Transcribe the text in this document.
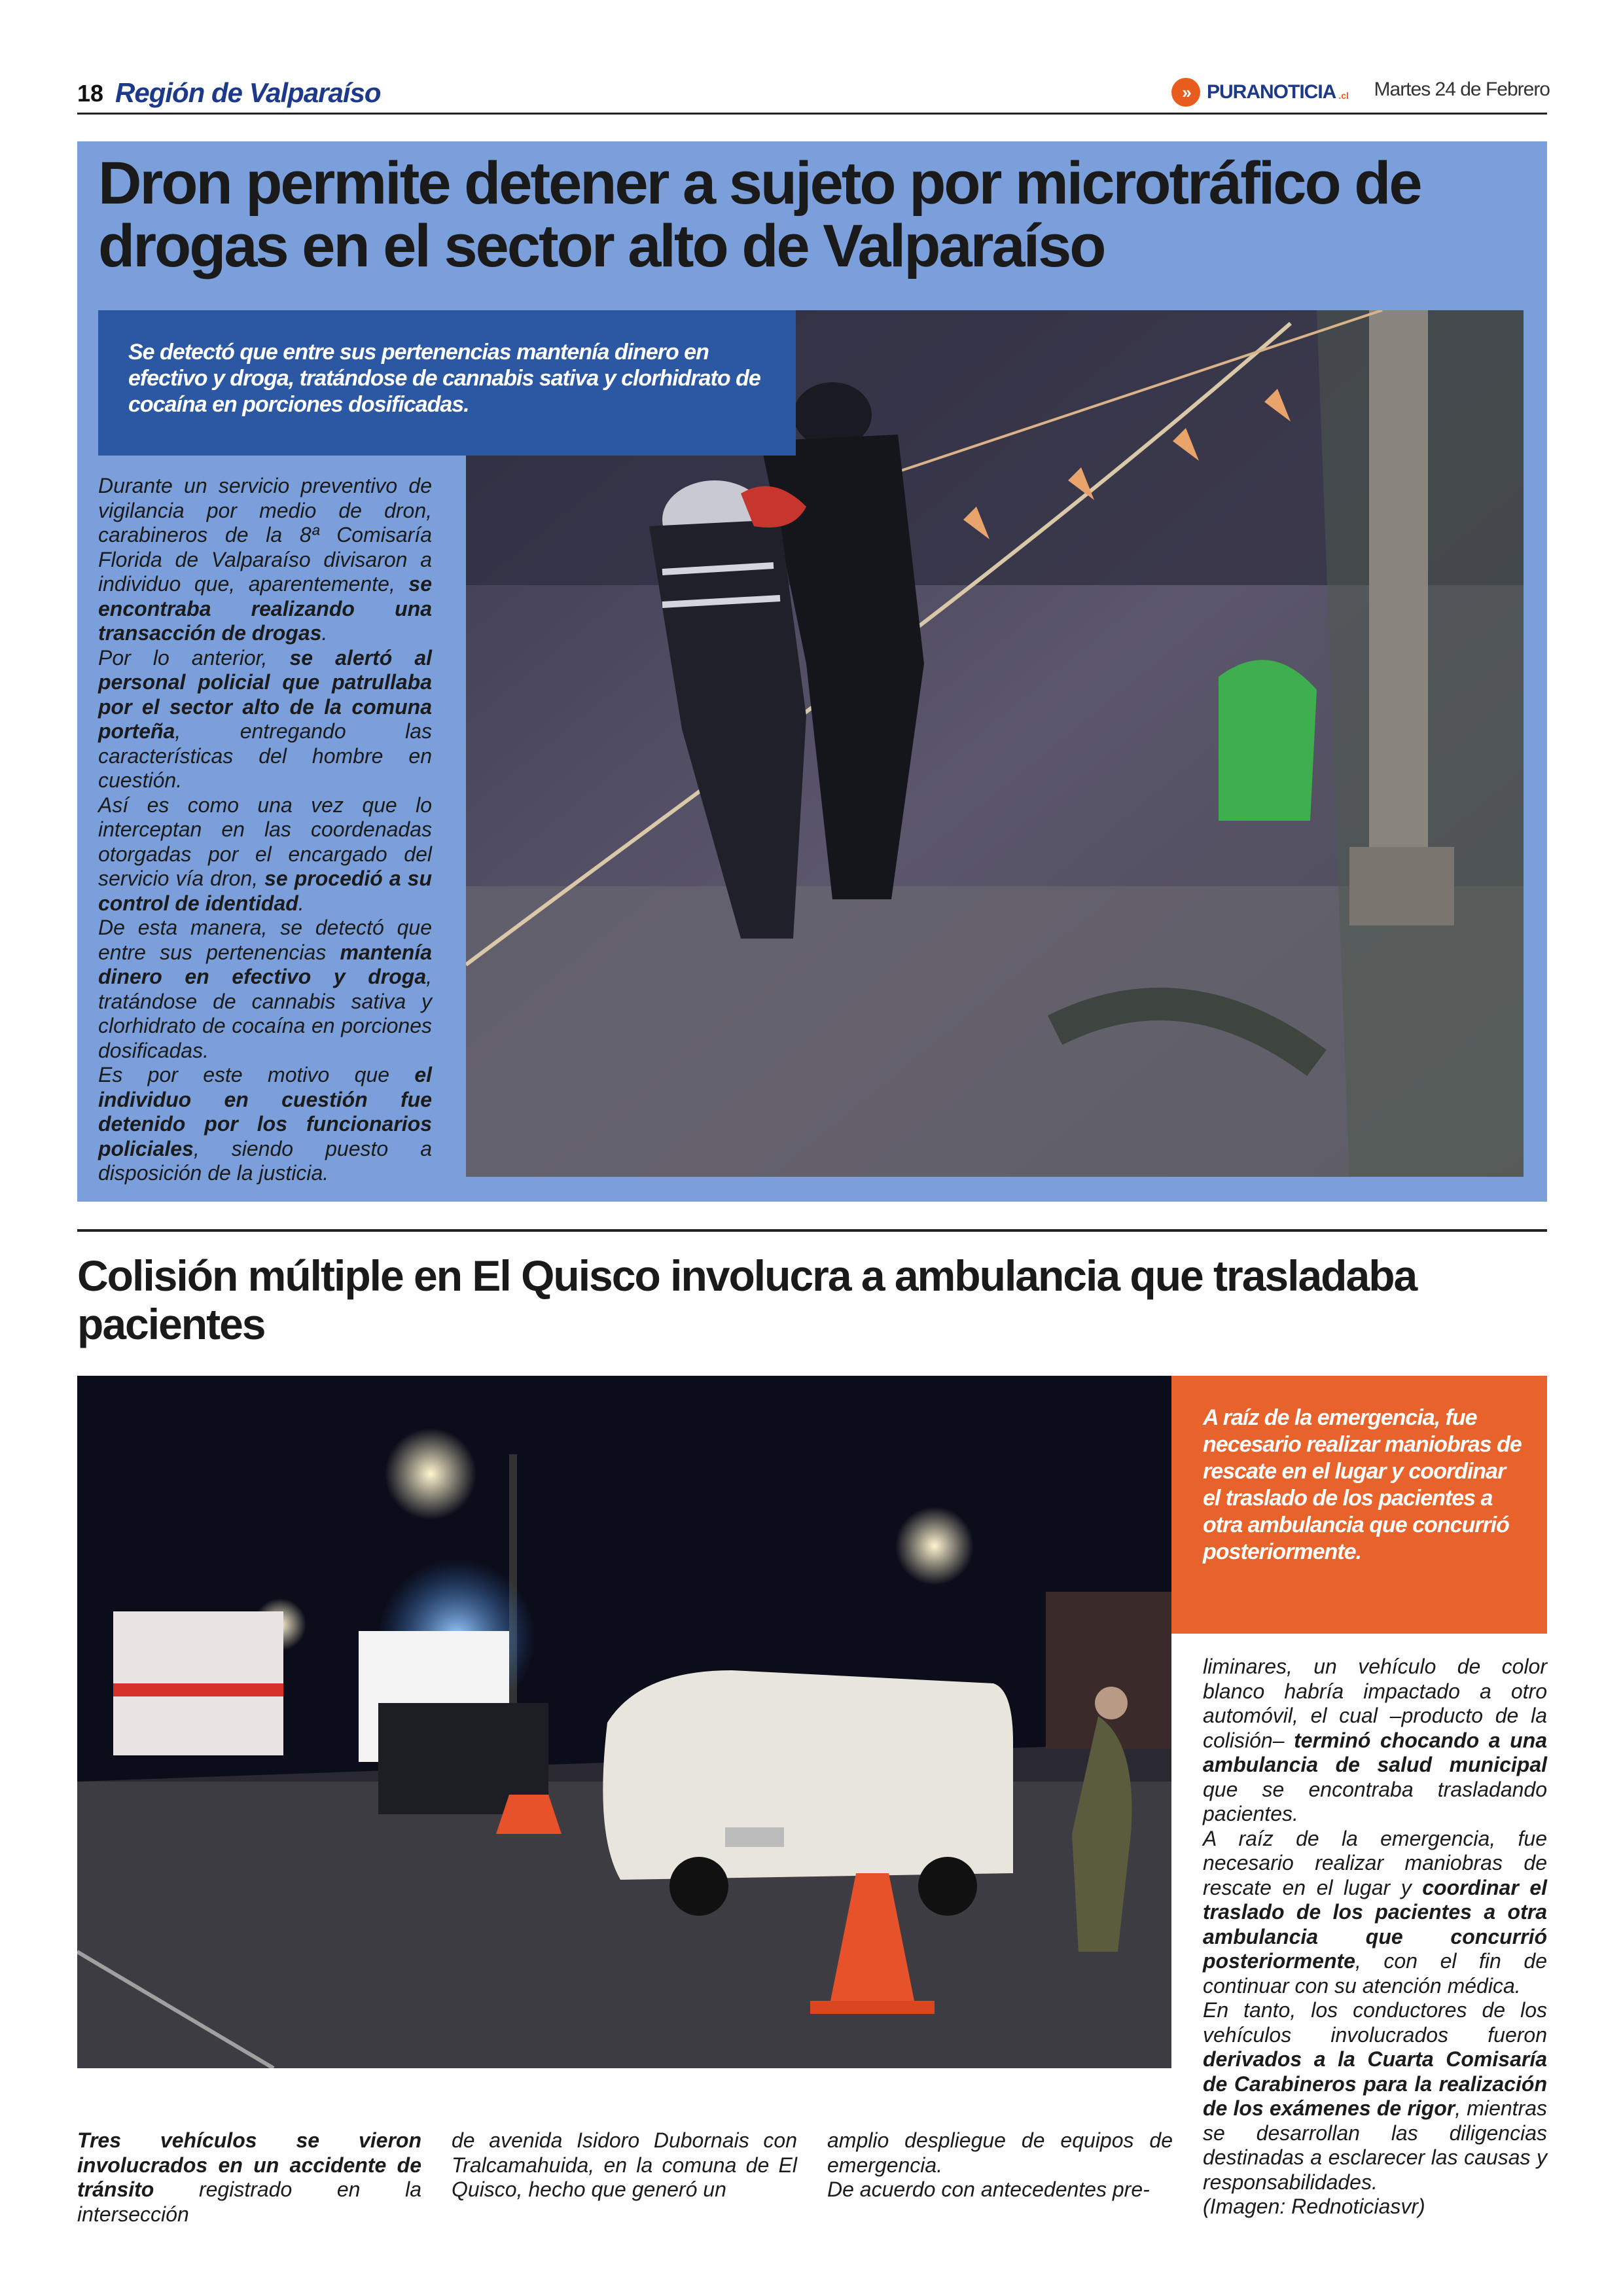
18 Región de Valparaíso	» PURANOTICIA .cl Martes 24 de Febrero
Dron permite detener a sujeto por microtráfico de drogas en el sector alto de Valparaíso
Se detectó que entre sus pertenencias mantenía dinero en efectivo y droga, tratándose de cannabis sativa y clorhidrato de cocaína en porciones dosificadas.

Durante un servicio preventivo de vigilancia por medio de dron, carabineros de la 8ª Comisaría Florida de Valparaíso divisaron a individuo que, aparentemente, se encontraba realizando una transacción de drogas.

Por lo anterior, se alertó al personal policial que patrullaba por el sector alto de la comuna porteña, entregando las características del hombre en cuestión.

Así es como una vez que lo interceptan en las coordenadas otorgadas por el encargado del servicio vía dron, se procedió a su control de identidad.

De esta manera, se detectó que entre sus pertenencias mantenía dinero en efectivo y droga, tratándose de cannabis sativa y clorhidrato de cocaína en porciones dosificadas.

Es por este motivo que el individuo en cuestión fue detenido por los funcionarios policiales, siendo puesto a disposición de la justicia.

Colisión múltiple en El Quisco involucra a ambulancia que trasladaba pacientes
A raíz de la emergencia, fue necesario realizar maniobras de rescate en el lugar y coordinar el traslado de los pacientes a otra ambulancia que concurrió posteriormente.

Tres vehículos se vieron involucrados en un accidente de tránsito registrado en la intersección

de avenida Isidoro Dubornais con Tralcamahuida, en la comuna de El Quisco, hecho que generó un

amplio despliegue de equipos de emergencia.

De acuerdo con antecedentes pre-

liminares, un vehículo de color blanco habría impactado a otro automóvil, el cual –producto de la colisión– terminó chocando a una ambulancia de salud municipal que se encontraba trasladando pacientes.

A raíz de la emergencia, fue necesario realizar maniobras de rescate en el lugar y coordinar el traslado de los pacientes a otra ambulancia que concurrió posteriormente, con el fin de continuar con su atención médica.

En tanto, los conductores de los vehículos involucrados fueron derivados a la Cuarta Comisaría de Carabineros para la realización de los exámenes de rigor, mientras se desarrollan las diligencias destinadas a esclarecer las causas y responsabilidades.

(Imagen: Rednoticiasvr)
